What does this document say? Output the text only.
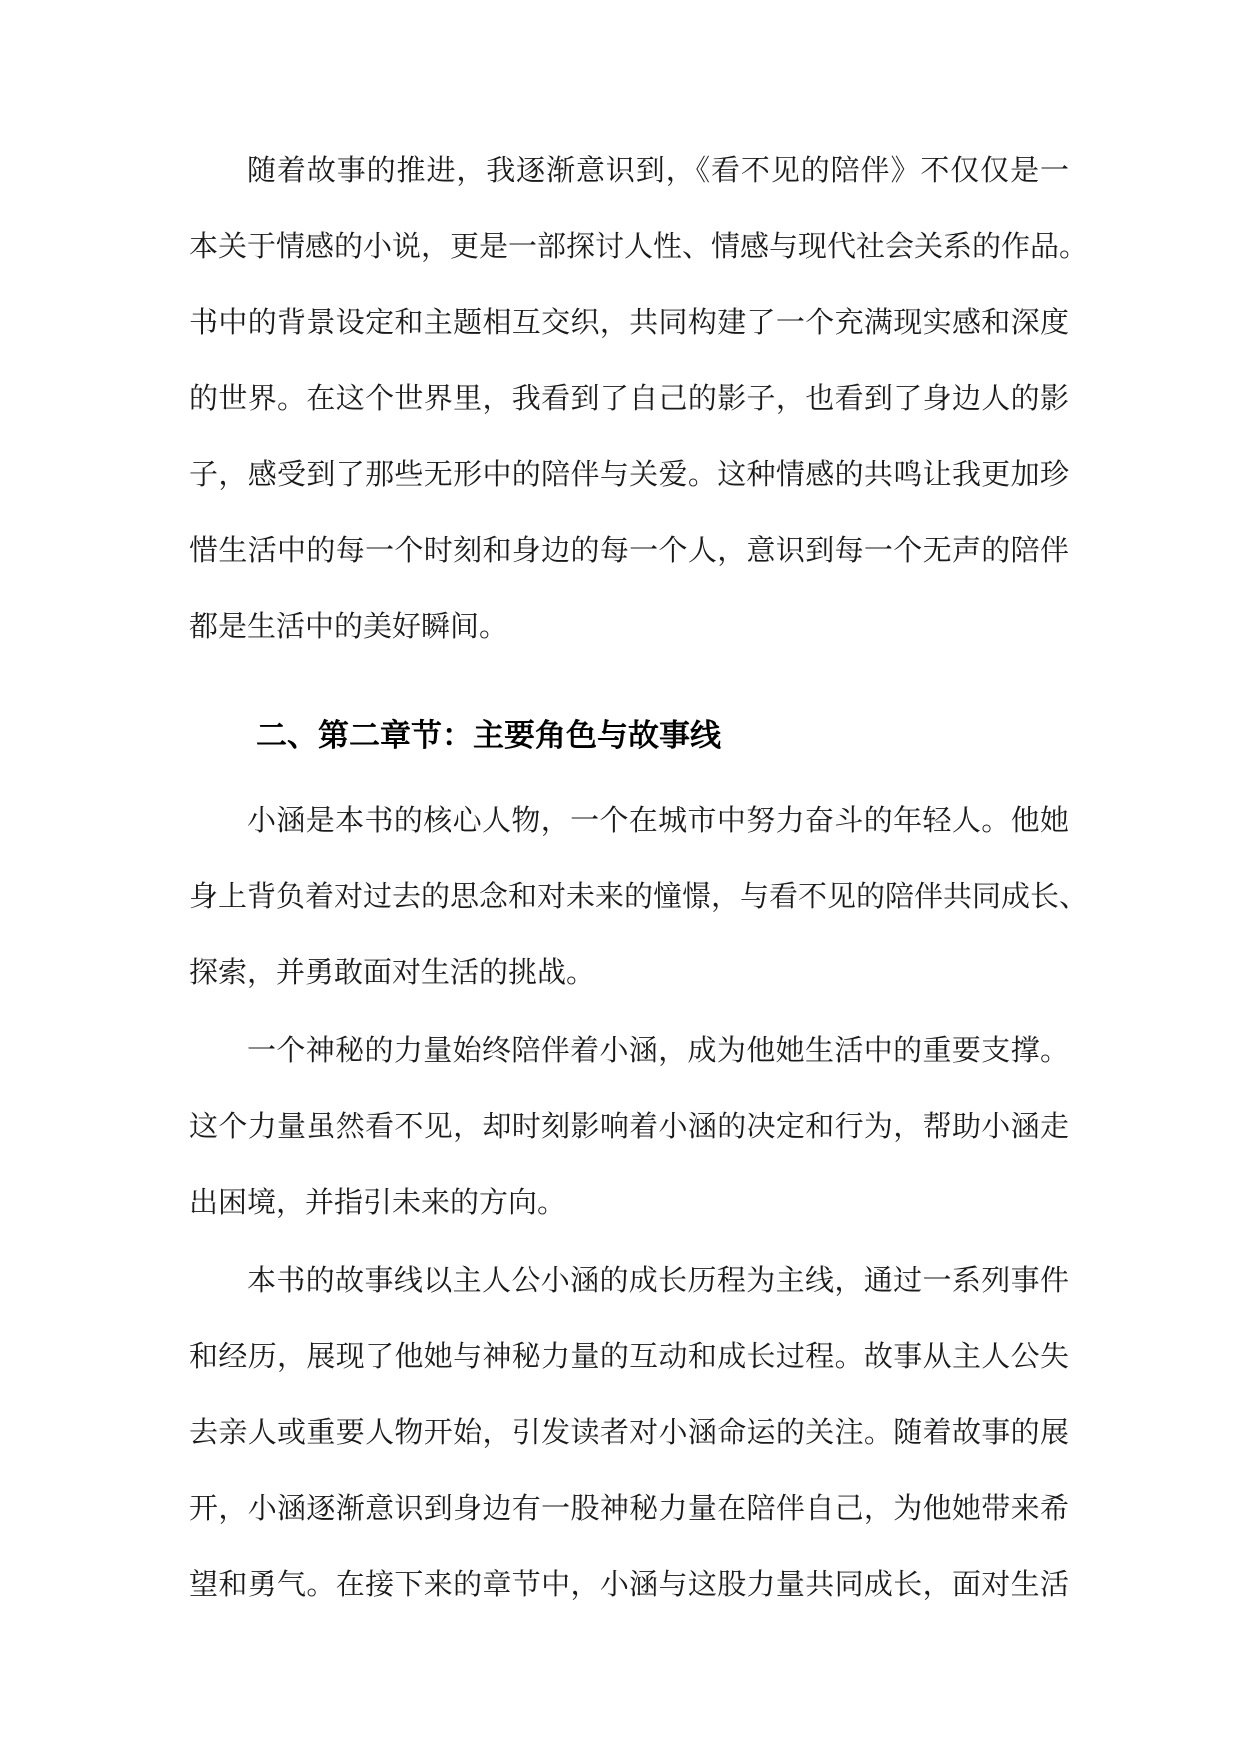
随着故事的推进，我逐渐意识到，《看不见的陪伴》不仅仅是一
本关于情感的小说，更是一部探讨人性、情感与现代社会关系的作品。
书中的背景设定和主题相互交织，共同构建了一个充满现实感和深度
的世界。在这个世界里，我看到了自己的影子，也看到了身边人的影
子，感受到了那些无形中的陪伴与关爱。这种情感的共鸣让我更加珍
惜生活中的每一个时刻和身边的每一个人，意识到每一个无声的陪伴
都是生活中的美好瞬间。
二、第二章节：主要角色与故事线
小涵是本书的核心人物，一个在城市中努力奋斗的年轻人。他她
身上背负着对过去的思念和对未来的憧憬，与看不见的陪伴共同成长、
探索，并勇敢面对生活的挑战。
一个神秘的力量始终陪伴着小涵，成为他她生活中的重要支撑。
这个力量虽然看不见，却时刻影响着小涵的决定和行为，帮助小涵走
出困境，并指引未来的方向。
本书的故事线以主人公小涵的成长历程为主线，通过一系列事件
和经历，展现了他她与神秘力量的互动和成长过程。故事从主人公失
去亲人或重要人物开始，引发读者对小涵命运的关注。随着故事的展
开，小涵逐渐意识到身边有一股神秘力量在陪伴自己，为他她带来希
望和勇气。在接下来的章节中，小涵与这股力量共同成长，面对生活
